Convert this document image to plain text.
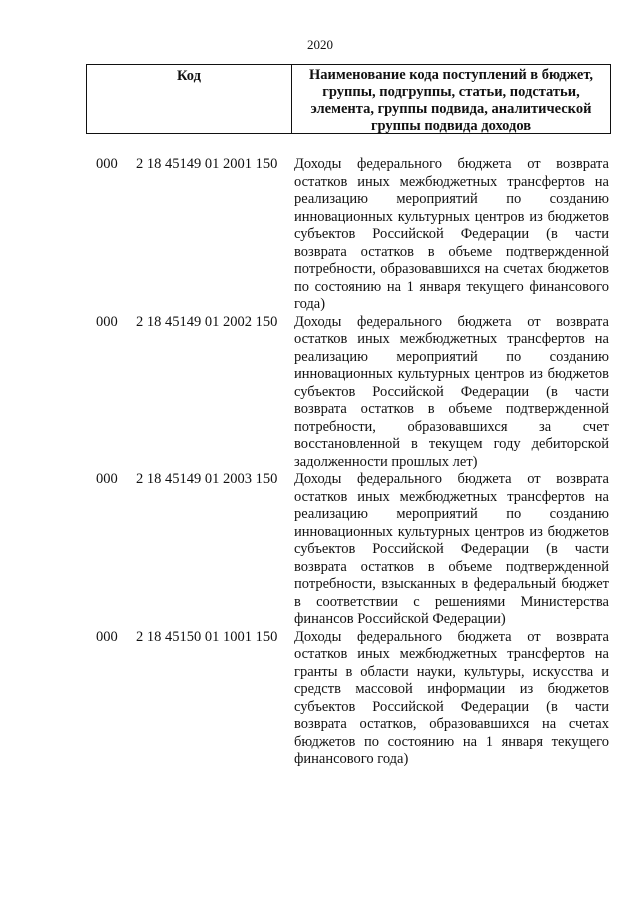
2020
Код	Наименование кода поступлений в бюджет, группы, подгруппы, статьи, подстатьи, элемента, группы подвида, аналитической группы подвида доходов
000	2 18 45149 01 2001 150	Доходы федерального бюджета от возврата остатков иных межбюджетных трансфертов на реализацию мероприятий по созданию инновационных культурных центров из бюджетов субъектов Российской Федерации (в части возврата остатков в объеме подтвержденной потребности, образовавшихся на счетах бюджетов по состоянию на 1 января текущего финансового года)
000	2 18 45149 01 2002 150	Доходы федерального бюджета от возврата остатков иных межбюджетных трансфертов на реализацию мероприятий по созданию инновационных культурных центров из бюджетов субъектов Российской Федерации (в части возврата остатков в объеме подтвержденной потребности, образовавшихся за счет восстановленной в текущем году дебиторской задолженности прошлых лет)
000	2 18 45149 01 2003 150	Доходы федерального бюджета от возврата остатков иных межбюджетных трансфертов на реализацию мероприятий по созданию инновационных культурных центров из бюджетов субъектов Российской Федерации (в части возврата остатков в объеме подтвержденной потребности, взысканных в федеральный бюджет в соответствии с решениями Министерства финансов Российской Федерации)
000	2 18 45150 01 1001 150	Доходы федерального бюджета от возврата остатков иных межбюджетных трансфертов на гранты в области науки, культуры, искусства и средств массовой информации из бюджетов субъектов Российской Федерации (в части возврата остатков, образовавшихся на счетах бюджетов по состоянию на 1 января текущего финансового года)
